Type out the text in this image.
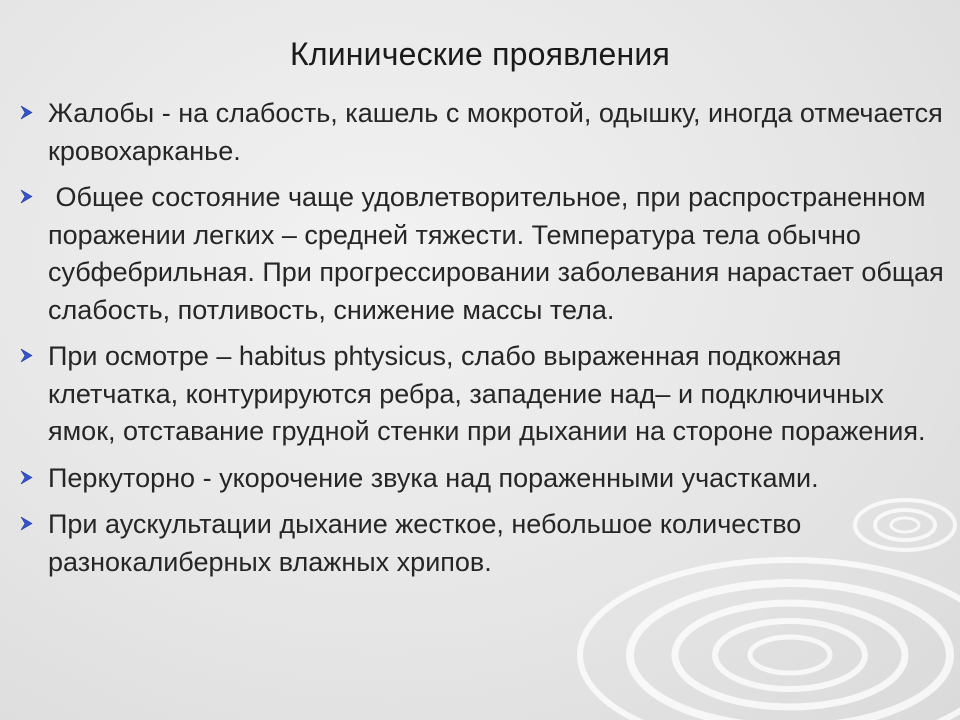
Клинические проявления
Жалобы - на слабость, кашель с мокротой, одышку, иногда отмечается кровохарканье.
Общее состояние чаще удовлетворительное, при распространенном поражении легких – средней тяжести. Температура тела обычно субфебрильная. При прогрессировании заболевания нарастает общая  слабость, потливость, снижение массы тела.
При осмотре – habitus phtysicus, слабо выраженная подкожная клетчатка, контурируются ребра, западение над– и подключичных ямок, отставание грудной стенки при дыхании на стороне поражения.
Перкуторно - укорочение звука над пораженными участками.
При аускультации дыхание жесткое, небольшое количество разнокалиберных влажных хрипов.
